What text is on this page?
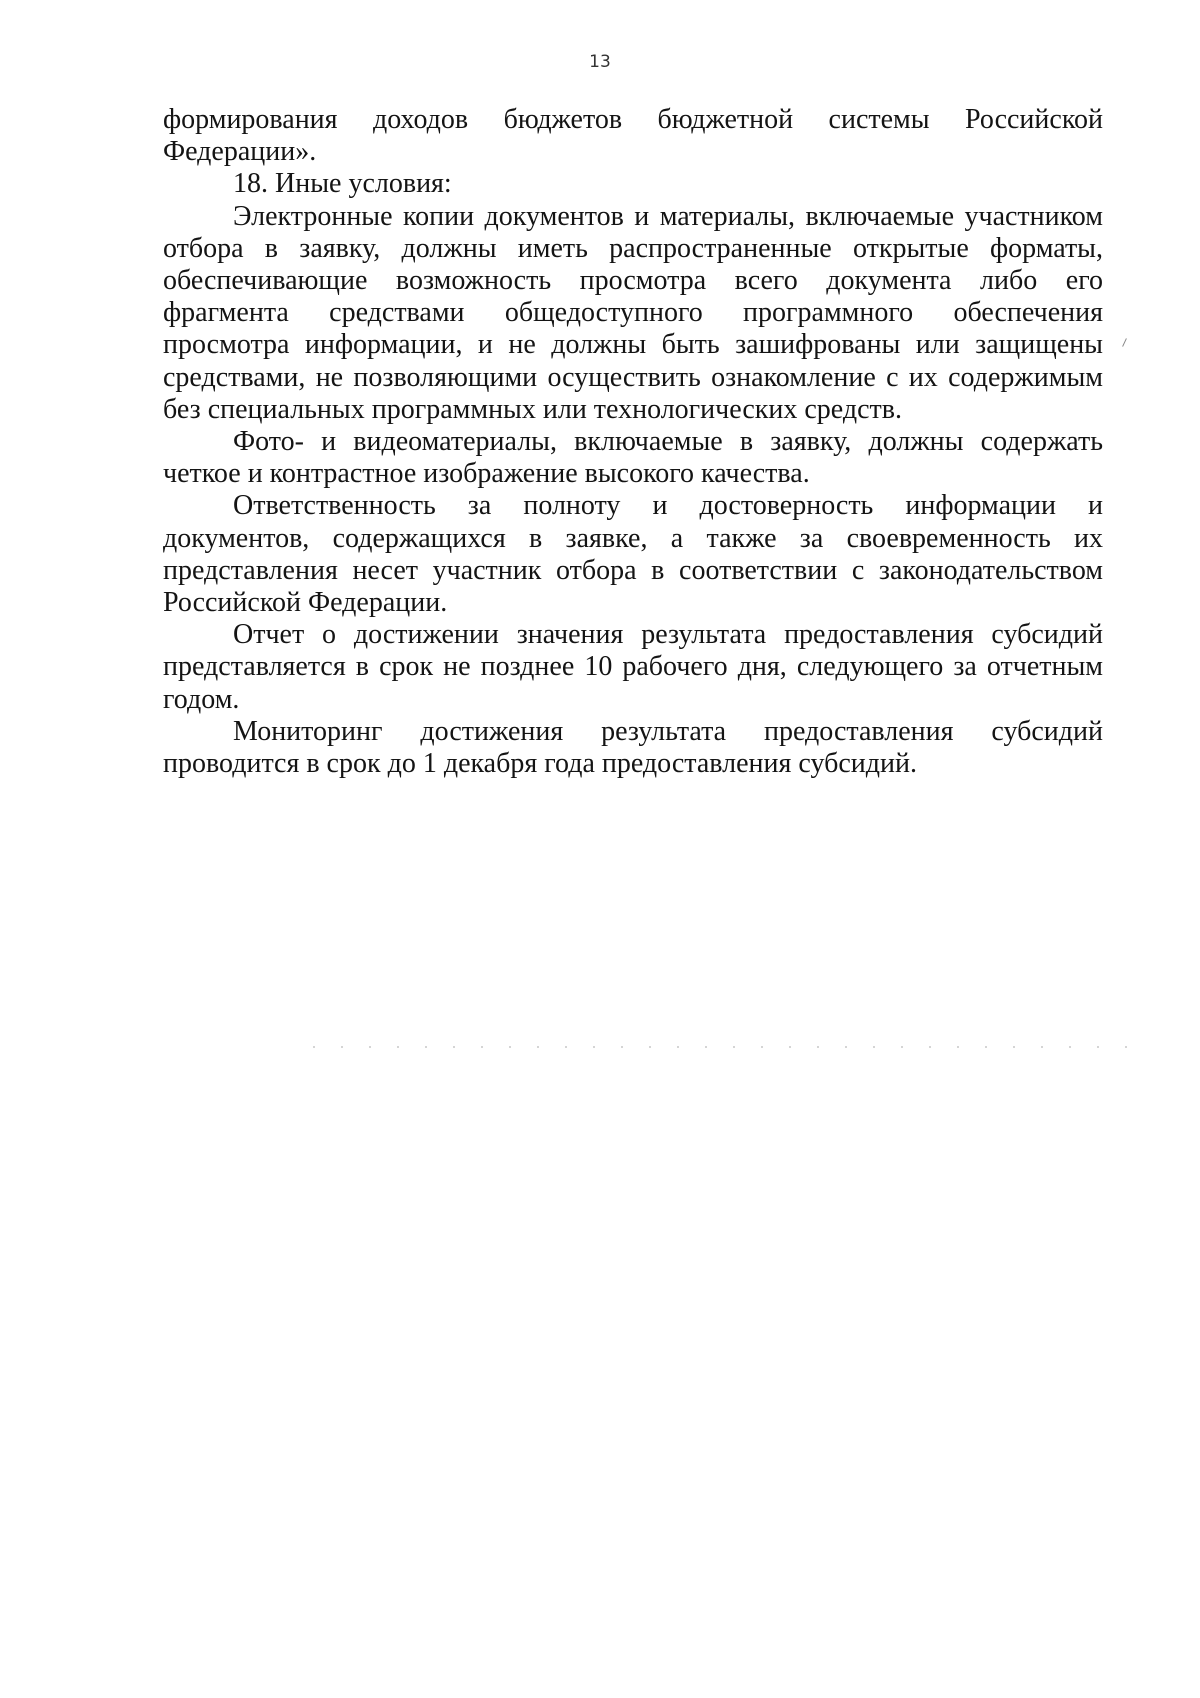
13

формирования доходов бюджетов бюджетной системы Российской Федерации».

18. Иные условия:

Электронные копии документов и материалы, включаемые участником отбора в заявку, должны иметь распространенные открытые форматы, обеспечивающие возможность просмотра всего документа либо его фрагмента средствами общедоступного программного обеспечения просмотра информации, и не должны быть зашифрованы или защищены средствами, не позволяющими осуществить ознакомление с их содержимым без специальных программных или технологических средств.

Фото- и видеоматериалы, включаемые в заявку, должны содержать четкое и контрастное изображение высокого качества.

Ответственность за полноту и достоверность информации и документов, содержащихся в заявке, а также за своевременность их представления несет участник отбора в соответствии с законодательством Российской Федерации.

Отчет о достижении значения результата предоставления субсидий представляется в срок не позднее 10 рабочего дня, следующего за отчетным годом.

Мониторинг достижения результата предоставления субсидий проводится в срок до 1 декабря года предоставления субсидий.
